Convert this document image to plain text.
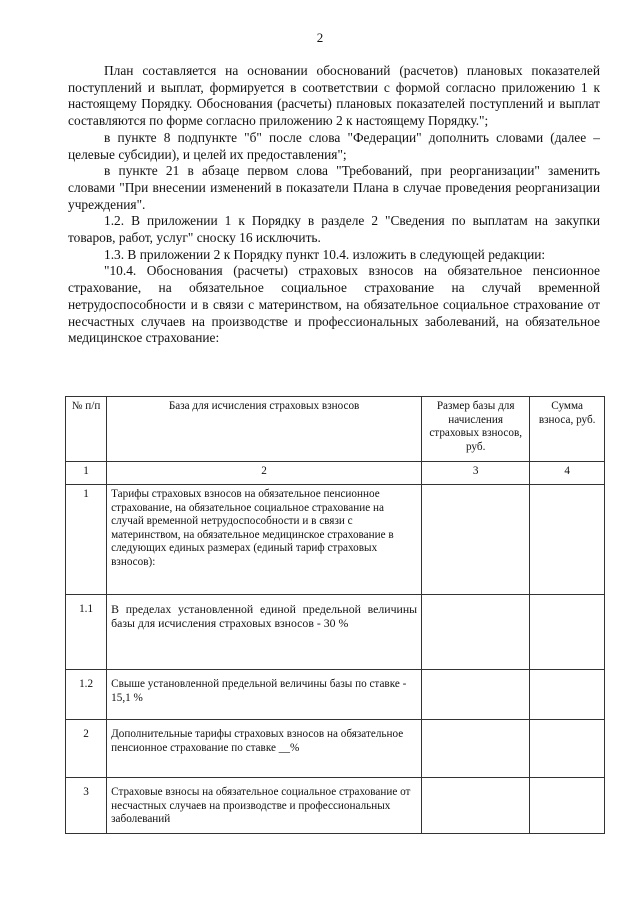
2

План составляется на основании обоснований (расчетов) плановых показателей поступлений и выплат, формируется в соответствии с формой согласно приложению 1 к настоящему Порядку. Обоснования (расчеты) плановых показателей поступлений и выплат составляются по форме согласно приложению 2 к настоящему Порядку.";

в пункте 8 подпункте "б" после слова "Федерации" дополнить словами (далее – целевые субсидии), и целей их предоставления";

в пункте 21 в абзаце первом слова "Требований, при реорганизации" заменить словами "При внесении изменений в показатели Плана в случае проведения реорганизации учреждения".

1.2. В приложении 1 к Порядку в разделе 2 "Сведения по выплатам на закупки товаров, работ, услуг" сноску 16 исключить.

1.3. В приложении 2 к Порядку пункт 10.4. изложить в следующей редакции:

"10.4. Обоснования (расчеты) страховых взносов на обязательное пенсионное страхование, на обязательное социальное страхование на случай временной нетрудоспособности и в связи с материнством, на обязательное социальное страхование от несчастных случаев на производстве и профессиональных заболеваний, на обязательное медицинское страхование:

№ п/п	База для исчисления страховых взносов	Размер базы для начисления страховых взносов, руб.	Сумма взноса, руб.
1	2	3	4
1	Тарифы страховых взносов на обязательное пенсионное страхование, на обязательное социальное страхование на случай временной нетрудоспособности и в связи с материнством, на обязательное медицинское страхование в следующих единых размерах (единый тариф страховых взносов):		
1.1	В пределах установленной единой предельной величины базы для исчисления страховых взносов - 30 %		
1.2	Свыше установленной предельной величины базы по ставке - 15,1 %		
2	Дополнительные тарифы страховых взносов на обязательное пенсионное страхование по ставке __%		
3	Страховые взносы на обязательное социальное страхование от несчастных случаев на производстве и профессиональных заболеваний		
